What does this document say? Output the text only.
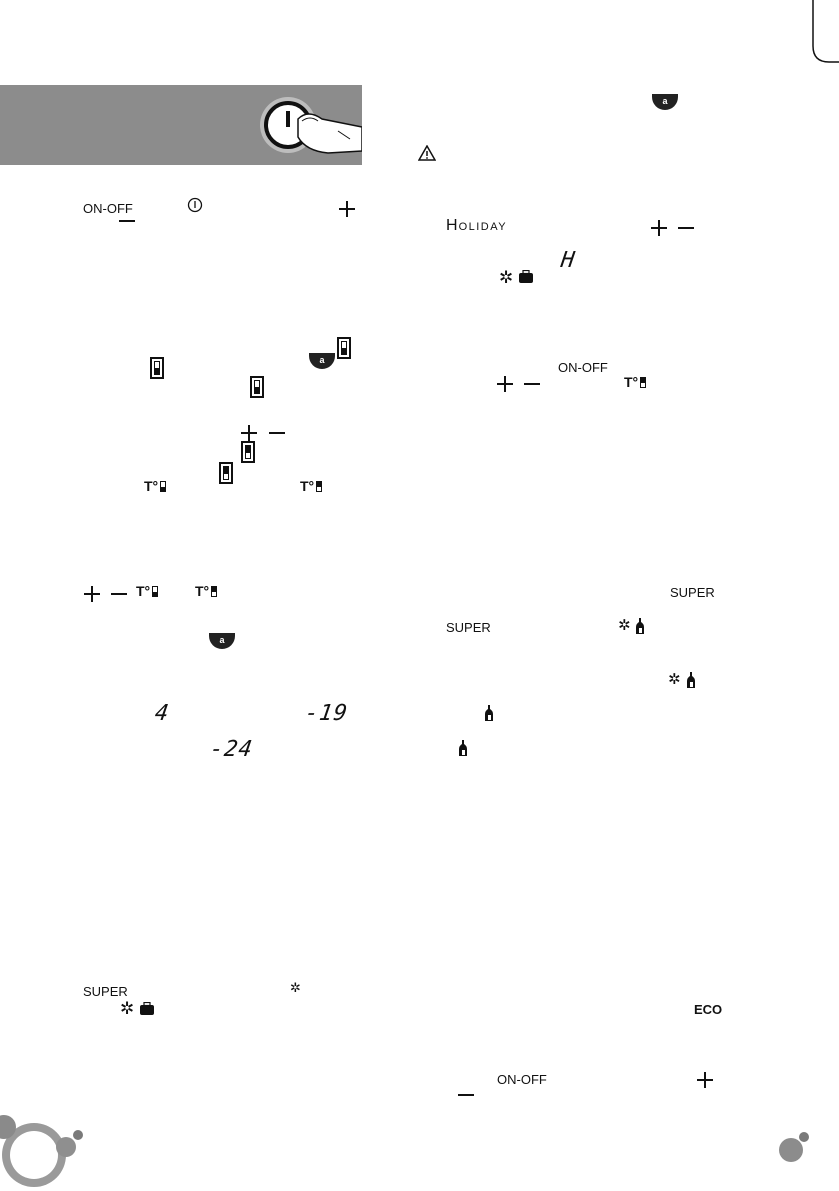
ON-OFF
a
T°	T°
T°	T°
a
4	-19
-24
SUPER	✲
✲
a
HOLIDAY
H
✲
ON-OFF
T°
SUPER
SUPER	✲
✲
ECO
ON-OFF
